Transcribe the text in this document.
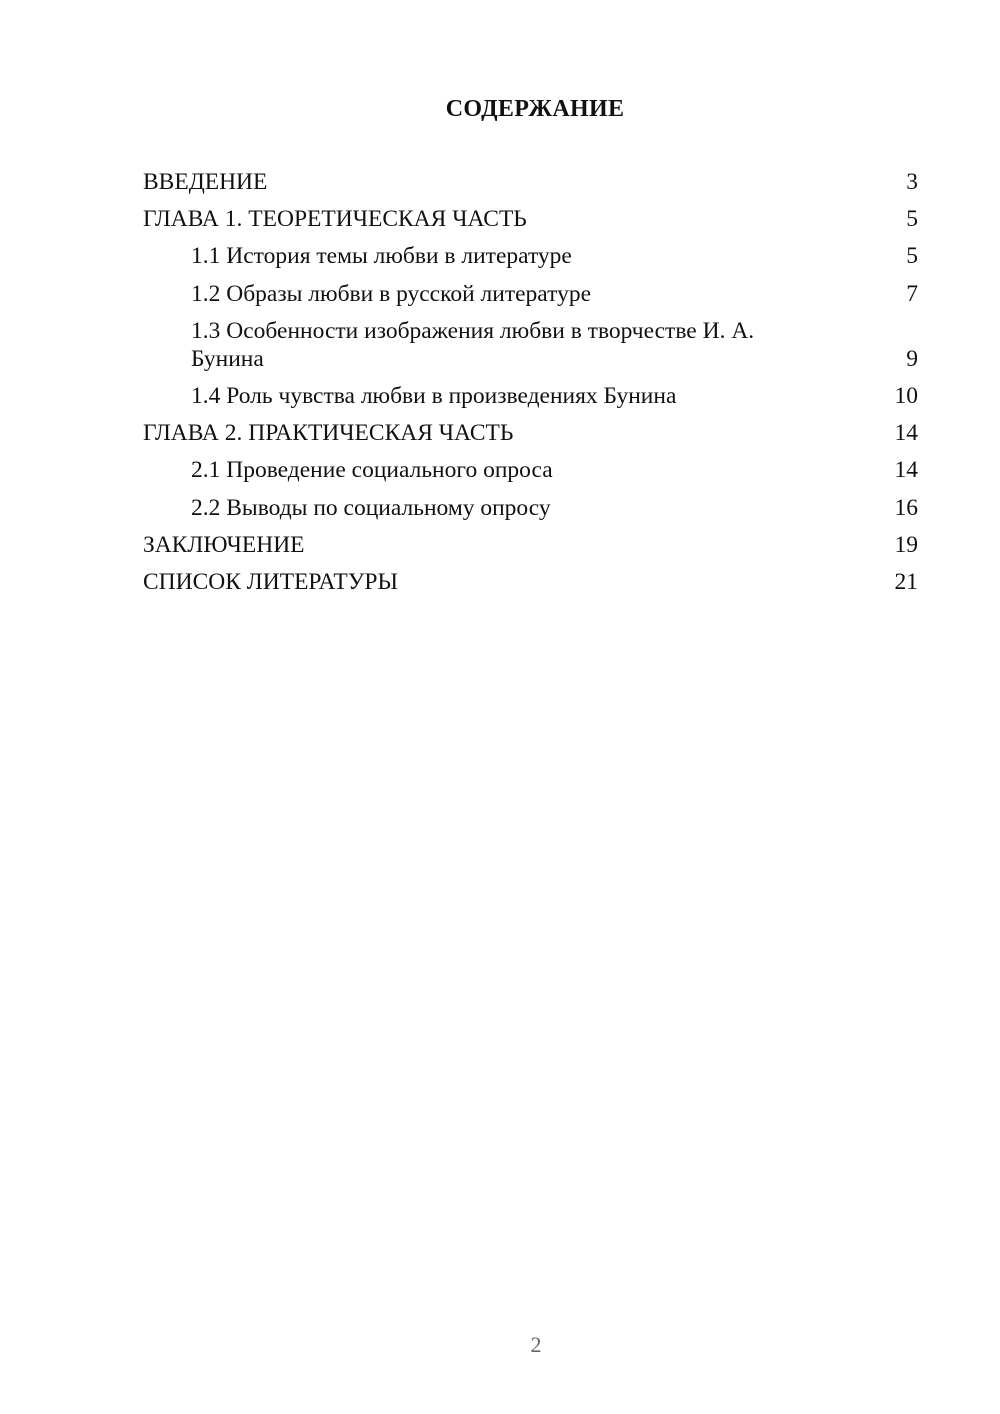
СОДЕРЖАНИЕ
ВВЕДЕНИЕ	3
ГЛАВА 1. ТЕОРЕТИЧЕСКАЯ ЧАСТЬ	5
1.1 История темы любви в литературе	5
1.2 Образы любви в русской литературе	7
1.3 Особенности изображения любви в творчестве И. А. Бунина	9
1.4 Роль чувства любви в произведениях Бунина	10
ГЛАВА 2. ПРАКТИЧЕСКАЯ ЧАСТЬ	14
2.1 Проведение социального опроса	14
2.2 Выводы по социальному опросу	16
ЗАКЛЮЧЕНИЕ	19
СПИСОК ЛИТЕРАТУРЫ	21
2
